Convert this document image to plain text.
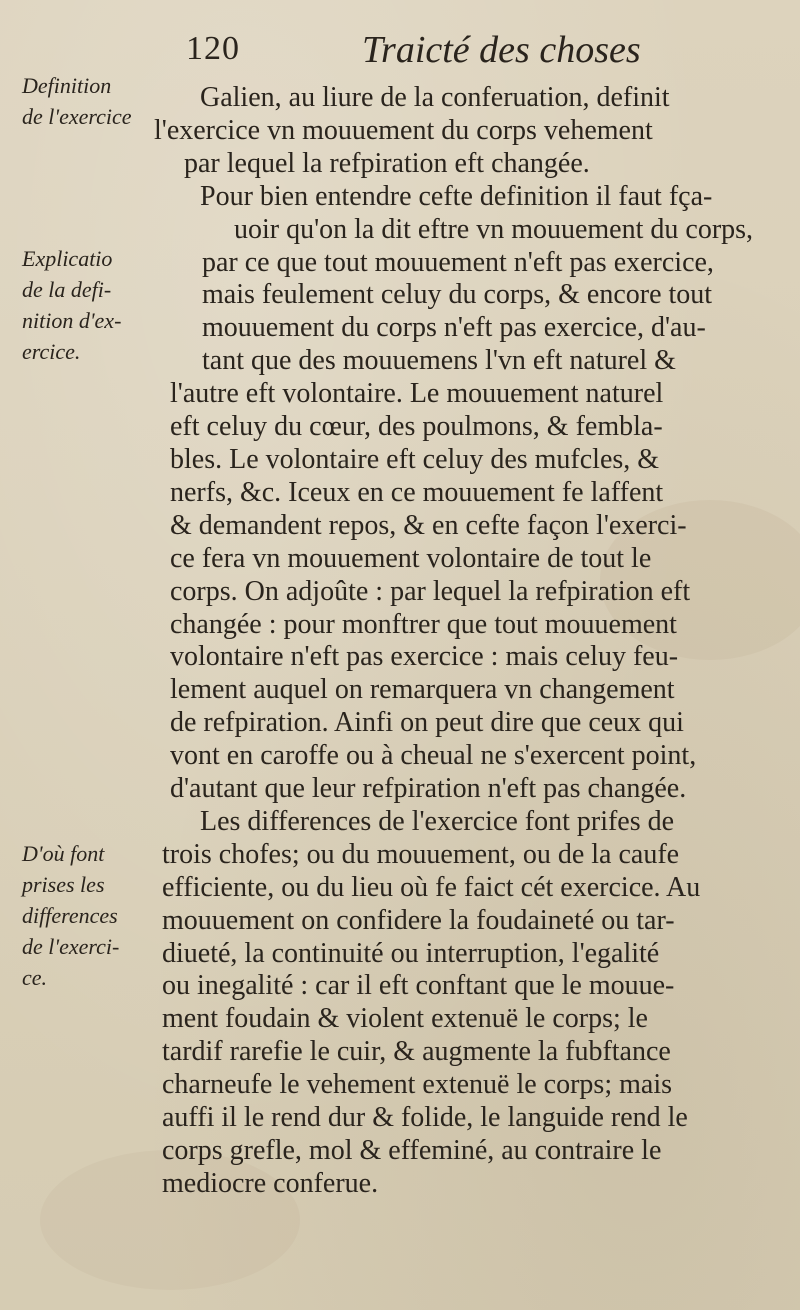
120	Traicté des choses
Definition
de l'exercice
Explicatio
de la defi-
nition d'ex-
ercice.
D'où font
prises les
differences
de l'exerci-
ce.
Galien, au liure de la conferuation, definit
l'exercice vn mouuement du corps vehement
par lequel la refpiration eft changée.
Pour bien entendre cefte definition il faut fça-
uoir qu'on la dit eftre vn mouuement du corps,
par ce que tout mouuement n'eft pas exercice,
mais feulement celuy du corps, & encore tout
mouuement du corps n'eft pas exercice, d'au-
tant que des mouuemens l'vn eft naturel &
l'autre eft volontaire. Le mouuement naturel
eft celuy du cœur, des poulmons, & fembla-
bles. Le volontaire eft celuy des mufcles, &
nerfs, &c. Iceux en ce mouuement fe laffent
& demandent repos, & en cefte façon l'exerci-
ce fera vn mouuement volontaire de tout le
corps. On adjoûte : par lequel la refpiration eft
changée : pour monftrer que tout mouuement
volontaire n'eft pas exercice : mais celuy feu-
lement auquel on remarquera vn changement
de refpiration. Ainfi on peut dire que ceux qui
vont en caroffe ou à cheual ne s'exercent point,
d'autant que leur refpiration n'eft pas changée.
Les differences de l'exercice font prifes de
trois chofes; ou du mouuement, ou de la caufe
efficiente, ou du lieu où fe faict cét exercice. Au
mouuement on confidere la foudaineté ou tar-
diueté, la continuité ou interruption, l'egalité
ou inegalité : car il eft conftant que le mouue-
ment foudain & violent extenuë le corps; le
tardif rarefie le cuir, & augmente la fubftance
charneufe le vehement extenuë le corps; mais
auffi il le rend dur & folide, le languide rend le
corps grefle, mol & effeminé, au contraire le
mediocre conferue.
